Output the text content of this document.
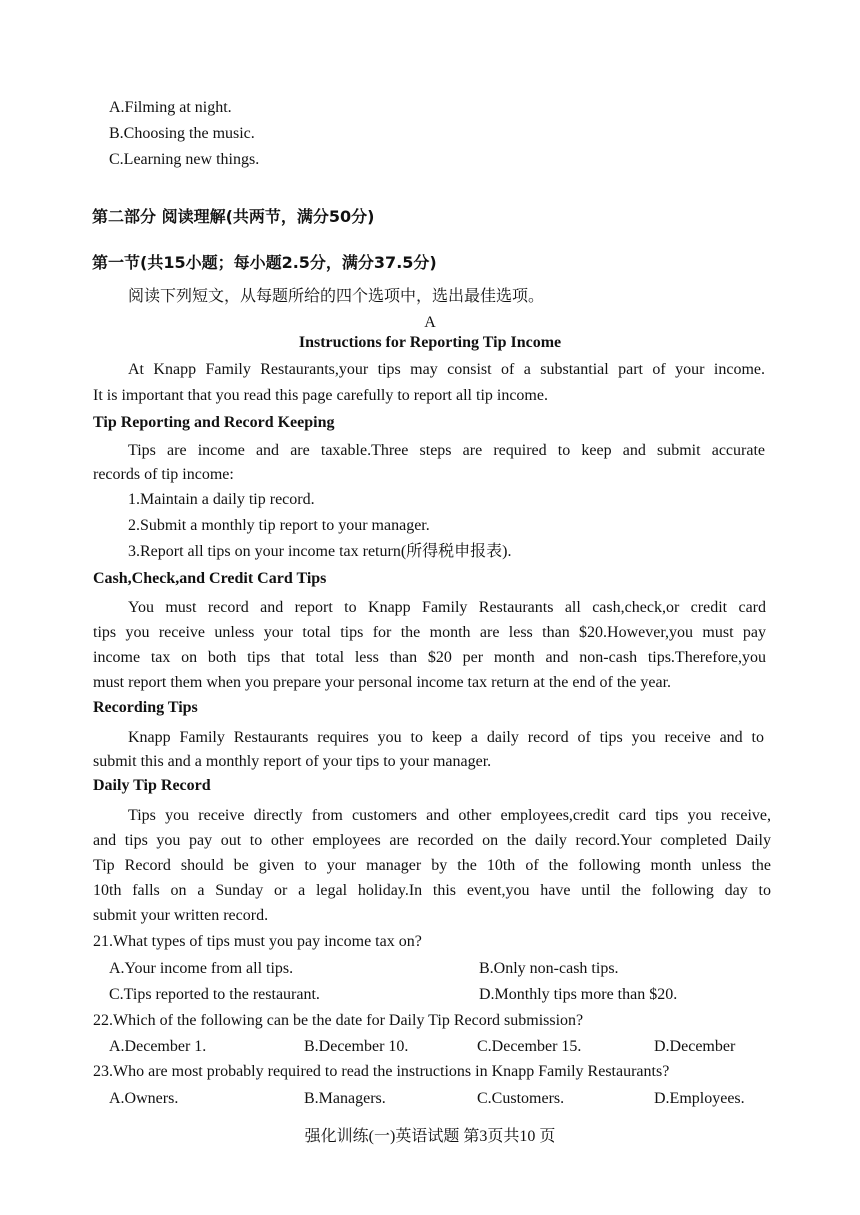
A.Filming at night.
B.Choosing the music.
C.Learning new things.
第二部分 阅读理解(共两节，满分50分)
第一节(共15小题；每小题2.5分，满分37.5分)
阅读下列短文，从每题所给的四个选项中，选出最佳选项。
A
Instructions for Reporting Tip Income
At Knapp Family Restaurants,your tips may consist of a substantial part of your income.
It is important that you read this page carefully to report all tip income.
Tip Reporting and Record Keeping
Tips are income and are taxable.Three steps are required to keep and submit accurate
records of tip income:
1.Maintain a daily tip record.
2.Submit a monthly tip report to your manager.
3.Report all tips on your income tax return(所得税申报表).
Cash,Check,and Credit Card Tips
You must record and report to Knapp Family Restaurants all cash,check,or credit card
tips you receive unless your total tips for the month are less than $20.However,you must pay
income tax on both tips that total less than $20 per month and non-cash tips.Therefore,you
must report them when you prepare your personal income tax return at the end of the year.
Recording Tips
Knapp Family Restaurants requires you to keep a daily record of tips you receive and to
submit this and a monthly report of your tips to your manager.
Daily Tip Record
Tips you receive directly from customers and other employees,credit card tips you receive,
and tips you pay out to other employees are recorded on the daily record.Your completed Daily
Tip Record should be given to your manager by the 10th of the following month unless the
10th falls on a Sunday or a legal holiday.In this event,you have until the following day to
submit your written record.
21.What types of tips must you pay income tax on?
A.Your income from all tips.	B.Only non-cash tips.
C.Tips reported to the restaurant.	D.Monthly tips more than $20.
22.Which of the following can be the date for Daily Tip Record submission?
A.December 1.	B.December 10.	C.December 15.	D.December
23.Who are most probably required to read the instructions in Knapp Family Restaurants?
A.Owners.	B.Managers.	C.Customers.	D.Employees.
强化训练(一)英语试题 第3页共10 页
